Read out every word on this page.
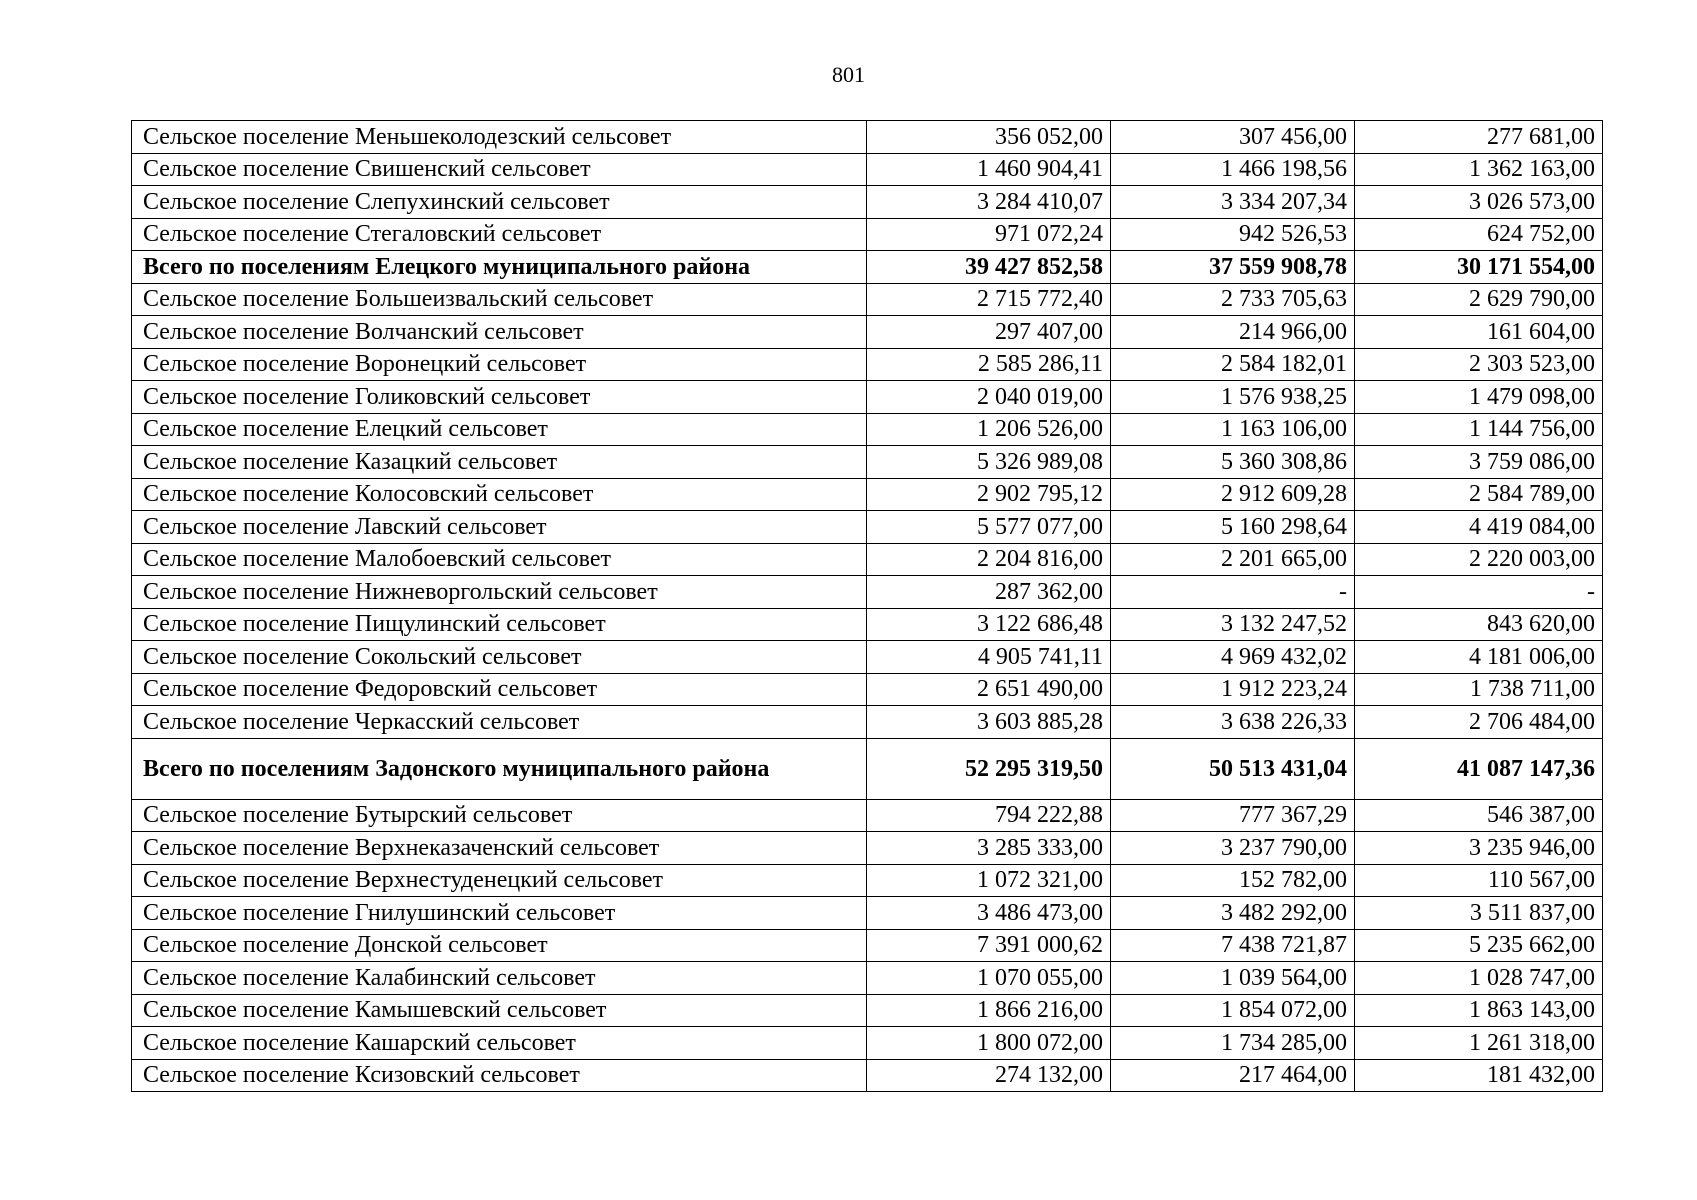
801
Сельское поселение Меньшеколодезский сельсовет	356 052,00	307 456,00	277 681,00
Сельское поселение Свишенский сельсовет	1 460 904,41	1 466 198,56	1 362 163,00
Сельское поселение Слепухинский сельсовет	3 284 410,07	3 334 207,34	3 026 573,00
Сельское поселение Стегаловский сельсовет	971 072,24	942 526,53	624 752,00
Всего по поселениям Елецкого муниципального района	39 427 852,58	37 559 908,78	30 171 554,00
Сельское поселение Большеизвальский сельсовет	2 715 772,40	2 733 705,63	2 629 790,00
Сельское поселение Волчанский сельсовет	297 407,00	214 966,00	161 604,00
Сельское поселение Воронецкий сельсовет	2 585 286,11	2 584 182,01	2 303 523,00
Сельское поселение Голиковский сельсовет	2 040 019,00	1 576 938,25	1 479 098,00
Сельское поселение Елецкий сельсовет	1 206 526,00	1 163 106,00	1 144 756,00
Сельское поселение Казацкий сельсовет	5 326 989,08	5 360 308,86	3 759 086,00
Сельское поселение Колосовский сельсовет	2 902 795,12	2 912 609,28	2 584 789,00
Сельское поселение Лавский сельсовет	5 577 077,00	5 160 298,64	4 419 084,00
Сельское поселение Малобоевский сельсовет	2 204 816,00	2 201 665,00	2 220 003,00
Сельское поселение Нижневоргольский сельсовет	287 362,00	-	-
Сельское поселение Пищулинский сельсовет	3 122 686,48	3 132 247,52	843 620,00
Сельское поселение Сокольский сельсовет	4 905 741,11	4 969 432,02	4 181 006,00
Сельское поселение Федоровский сельсовет	2 651 490,00	1 912 223,24	1 738 711,00
Сельское поселение Черкасский сельсовет	3 603 885,28	3 638 226,33	2 706 484,00
Всего по поселениям Задонского муниципального района	52 295 319,50	50 513 431,04	41 087 147,36
Сельское поселение Бутырский сельсовет	794 222,88	777 367,29	546 387,00
Сельское поселение Верхнеказаченский сельсовет	3 285 333,00	3 237 790,00	3 235 946,00
Сельское поселение Верхнестуденецкий сельсовет	1 072 321,00	152 782,00	110 567,00
Сельское поселение Гнилушинский сельсовет	3 486 473,00	3 482 292,00	3 511 837,00
Сельское поселение Донской сельсовет	7 391 000,62	7 438 721,87	5 235 662,00
Сельское поселение Калабинский сельсовет	1 070 055,00	1 039 564,00	1 028 747,00
Сельское поселение Камышевский сельсовет	1 866 216,00	1 854 072,00	1 863 143,00
Сельское поселение Кашарский сельсовет	1 800 072,00	1 734 285,00	1 261 318,00
Сельское поселение Ксизовский сельсовет	274 132,00	217 464,00	181 432,00
